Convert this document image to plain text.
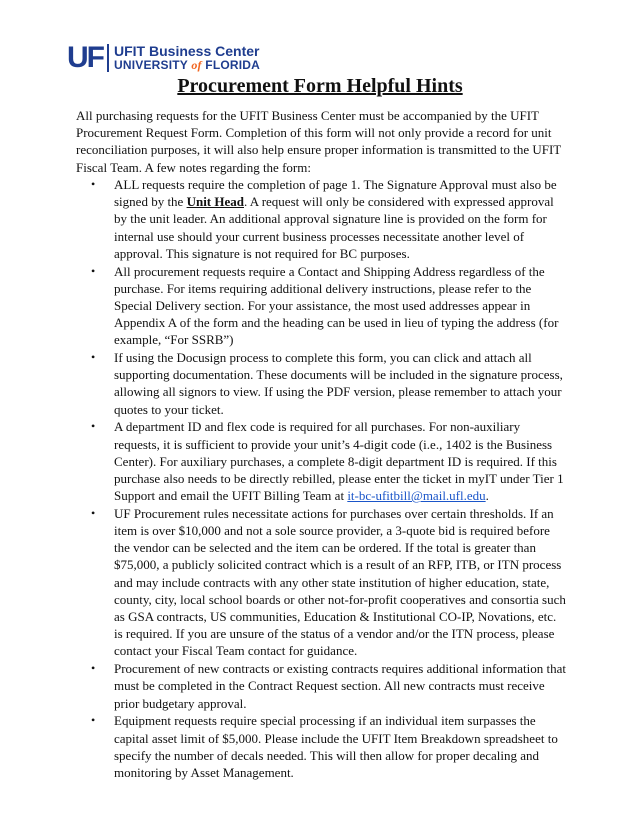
UF UFIT Business Center
UNIVERSITY of FLORIDA
Procurement Form Helpful Hints

All purchasing requests for the UFIT Business Center must be accompanied by the UFIT Procurement Request Form. Completion of this form will not only provide a record for unit reconciliation purposes, it will also help ensure proper information is transmitted to the UFIT Fiscal Team. A few notes regarding the form:

• ALL requests require the completion of page 1. The Signature Approval must also be signed by the Unit Head. A request will only be considered with expressed approval by the unit leader. An additional approval signature line is provided on the form for internal use should your current business processes necessitate another level of approval. This signature is not required for BC purposes.
• All procurement requests require a Contact and Shipping Address regardless of the purchase. For items requiring additional delivery instructions, please refer to the Special Delivery section. For your assistance, the most used addresses appear in Appendix A of the form and the heading can be used in lieu of typing the address (for example, “For SSRB”)
• If using the Docusign process to complete this form, you can click and attach all supporting documentation. These documents will be included in the signature process, allowing all signors to view. If using the PDF version, please remember to attach your quotes to your ticket.
• A department ID and flex code is required for all purchases. For non-auxiliary requests, it is sufficient to provide your unit’s 4-digit code (i.e., 1402 is the Business Center). For auxiliary purchases, a complete 8-digit department ID is required. If this purchase also needs to be directly rebilled, please enter the ticket in myIT under Tier 1 Support and email the UFIT Billing Team at it-bc-ufitbill@mail.ufl.edu.
• UF Procurement rules necessitate actions for purchases over certain thresholds. If an item is over $10,000 and not a sole source provider, a 3-quote bid is required before the vendor can be selected and the item can be ordered. If the total is greater than $75,000, a publicly solicited contract which is a result of an RFP, ITB, or ITN process and may include contracts with any other state institution of higher education, state, county, city, local school boards or other not-for-profit cooperatives and consortia such as GSA contracts, US communities, Education & Institutional CO-IP, Novations, etc.
is required. If you are unsure of the status of a vendor and/or the ITN process, please contact your Fiscal Team contact for guidance.
• Procurement of new contracts or existing contracts requires additional information that must be completed in the Contract Request section. All new contracts must receive prior budgetary approval.
• Equipment requests require special processing if an individual item surpasses the capital asset limit of $5,000. Please include the UFIT Item Breakdown spreadsheet to specify the number of decals needed. This will then allow for proper decaling and monitoring by Asset Management.
